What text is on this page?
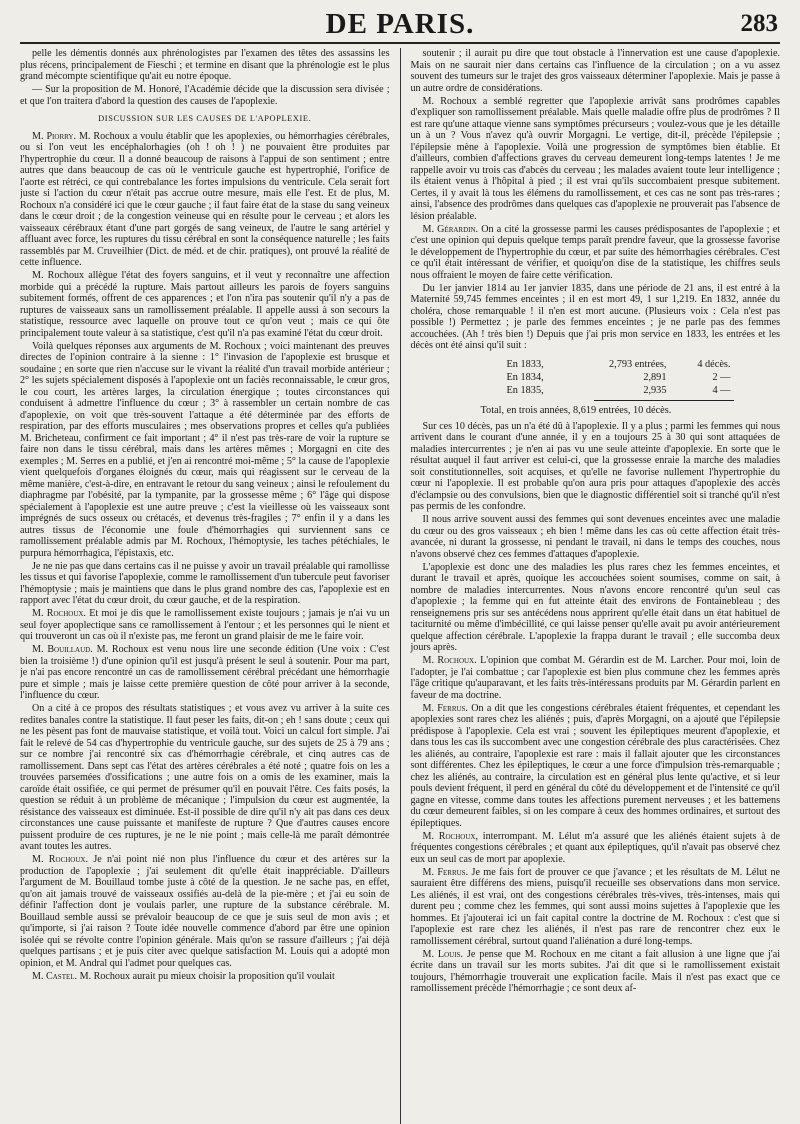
DE PARIS.	283

pelle les démentis donnés aux phrénologistes par l'examen des têtes des assassins les plus récens, principalement de Fieschi ; et termine en disant que la phrénologie est le plus grand mécompte scientifique qu'ait eu notre époque.

— Sur la proposition de M. Honoré, l'Académie décide que la discussion sera divisée ; et que l'on traitera d'abord la question des causes de l'apoplexie.

DISCUSSION SUR LES CAUSES DE L'APOPLEXIE.

M. Piorry. M. Rochoux a voulu établir que les apoplexies, ou hémorrhagies cérébrales, ou si l'on veut les encéphalorhagies (oh ! oh ! ) ne pouvaient être produites par l'hypertrophie du cœur. Il a donné beaucoup de raisons à l'appui de son sentiment ; entre autres que dans beaucoup de cas où le ventricule gauche est hypertrophié, l'orifice de l'aorte est rétréci, ce qui contrebalance les fortes impulsions du ventricule. Cela serait fort juste si l'action du cœur n'était pas accrue outre mesure, mais elle l'est. Et de plus, M. Rochoux n'a considéré ici que le cœur gauche ; il faut faire état de la stase du sang veineux dans le cœur droit ; de la congestion veineuse qui en résulte pour le cerveau ; et alors les vaisseaux cérébraux étant d'une part gorgés de sang veineux, de l'autre le sang artériel y affluant avec force, les ruptures du tissu cérébral en sont la conséquence naturelle ; les faits rassemblés par M. Cruveilhier (Dict. de méd. et de chir. pratiques), ont prouvé la réalité de cette influence.

M. Rochoux allègue l'état des foyers sanguins, et il veut y reconnaître une affection morbide qui a précédé la rupture. Mais partout ailleurs les parois de foyers sanguins subitement formés, offrent de ces apparences ; et l'on n'ira pas soutenir qu'il n'y a pas de ruptures de vaisseaux sans un ramollissement préalable. Il appelle aussi à son secours la statistique, ressource avec laquelle on prouve tout ce qu'on veut ; mais ce qui ôte principalement toute valeur à sa statistique, c'est qu'il n'a pas examiné l'état du cœur droit.

Voilà quelques réponses aux arguments de M. Rochoux ; voici maintenant des preuves directes de l'opinion contraire à la sienne : 1° l'invasion de l'apoplexie est brusque et soudaine ; en sorte que rien n'accuse sur le vivant la réalité d'un travail morbide antérieur ; 2° les sujets spécialement disposés à l'apoplexie ont un faciès reconnaissable, le cœur gros, le cou court, les artères larges, la circulation énergique ; toutes circonstances qui conduisent à admettre l'influence du cœur ; 3° à rassembler un certain nombre de cas d'apoplexie, on voit que très-souvent l'attaque a été déterminée par des efforts de respiration, par des efforts musculaires ; mes observations propres et celles qu'a publiées M. Bricheteau, confirment ce fait important ; 4° il n'est pas très-rare de voir la rupture se faire non dans le tissu cérébral, mais dans les artères mêmes ; Morgagni en cite des exemples ; M. Serres en a publié, et j'en ai rencontré moi-même ; 5° la cause de l'apoplexie vient quelquefois d'organes éloignés du cœur, mais qui réagissent sur le cerveau de la même manière, c'est-à-dire, en entravant le retour du sang veineux ; ainsi le refoulement du diaphragme par l'obésité, par la tympanite, par la grossesse même ; 6° l'âge qui dispose spécialement à l'apoplexie est une autre preuve ; c'est la vieillesse où les vaisseaux sont imprégnés de sucs osseux ou crétacés, et devenus très-fragiles ; 7° enfin il y a dans les autres tissus de l'économie une foule d'hémorrhagies qui surviennent sans ce ramollissement préalable admis par M. Rochoux, l'hémoptysie, les taches pétéchiales, le purpura hémorrhagica, l'épistaxis, etc.

Je ne nie pas que dans certains cas il ne puisse y avoir un travail préalable qui ramollisse les tissus et qui favorise l'apoplexie, comme le ramollissement d'un tubercule peut favoriser l'hémoptysie ; mais je maintiens que dans le plus grand nombre des cas, l'apoplexie est en rapport avec l'état du cœur droit, du cœur gauche, et de la respiration.

M. Rochoux. Et moi je dis que le ramollissement existe toujours ; jamais je n'ai vu un seul foyer apoplectique sans ce ramollissement à l'entour ; et les personnes qui le nient et qui trouveront un cas où il n'existe pas, me feront un grand plaisir de me le faire voir.

M. Bouillaud. M. Rochoux est venu nous lire une seconde édition (Une voix : C'est bien la troisième !) d'une opinion qu'il est jusqu'à présent le seul à soutenir. Pour ma part, je n'ai pas encore rencontré un cas de ramollissement cérébral précédant une hémorrhagie pure et simple ; mais je laisse cette première question de côté pour arriver à la seconde, l'influence du cœur.

On a cité à ce propos des résultats statistiques ; et vous avez vu arriver à la suite ces redites banales contre la statistique. Il faut peser les faits, dit-on ; eh ! sans doute ; ceux qui ne les pèsent pas font de mauvaise statistique, et voilà tout. Voici un calcul fort simple. J'ai fait le relevé de 54 cas d'hypertrophie du ventricule gauche, sur des sujets de 25 à 79 ans ; sur ce nombre j'ai rencontré six cas d'hémorrhagie cérébrale, et cinq autres cas de ramollissement. Dans sept cas l'état des artères cérébrales a été noté ; quatre fois on les a trouvées parsemées d'ossifications ; une autre fois on a omis de les examiner, mais la caroïde était ossifiée, ce qui permet de présumer qu'il en pouvait l'être. Ces faits posés, la question se réduit à un problème de mécanique ; l'impulsion du cœur est augmentée, la résistance des vaisseaux est diminuée. Est-il possible de dire qu'il n'y ait pas dans ces deux circonstances une cause puissante et manifeste de rupture ? Que d'autres causes encore puissent produire de ces ruptures, je ne le nie point ; mais celle-là me paraît démontrée avant toutes les autres.

M. Rochoux. Je n'ai point nié non plus l'influence du cœur et des artères sur la production de l'apoplexie ; j'ai seulement dit qu'elle était inappréciable. D'ailleurs l'argument de M. Bouillaud tombe juste à côté de la question. Je ne sache pas, en effet, qu'on ait jamais trouvé de vaisseaux ossifiés au-delà de la pie-mère ; et j'ai eu soin de définir l'affection dont je voulais parler, une rupture de la substance cérébrale. M. Bouillaud semble aussi se prévaloir beaucoup de ce que je suis seul de mon avis ; et qu'importe, si j'ai raison ? Toute idée nouvelle commence d'abord par être une opinion isolée qui se révolte contre l'opinion générale. Mais qu'on se rassure d'ailleurs ; j'ai déjà quelques partisans ; et je puis citer avec quelque satisfaction M. Louis qui a adopté mon opinion, et M. Andral qui l'admet pour quelques cas.

M. Castel. M. Rochoux aurait pu mieux choisir la proposition qu'il voulait

soutenir ; il aurait pu dire que tout obstacle à l'innervation est une cause d'apoplexie. Mais on ne saurait nier dans certains cas l'influence de la circulation ; on a vu assez souvent des tumeurs sur le trajet des gros vaisseaux déterminer l'apoplexie. Mais je passe à un autre ordre de considérations.

M. Rochoux a semblé regretter que l'apoplexie arrivât sans prodrômes capables d'expliquer son ramollissement préalable. Mais quelle maladie offre plus de prodrômes ? Il est rare qu'une attaque vienne sans symptômes précurseurs ; voulez-vous que je les détaille un à un ? Vous n'avez qu'à ouvrir Morgagni. Le vertige, dit-il, précède l'épilepsie ; l'épilepsie mène à l'apoplexie. Voilà une progression de symptômes bien établie. Et d'ailleurs, combien d'affections graves du cerveau demeurent long-temps latentes ! Je me rappelle avoir vu trois cas d'abcès du cerveau ; les malades avaient toute leur intelligence ; ils étaient venus à l'hôpital à pied ; il est vrai qu'ils succombaient presque subitement. Certes, il y avait là tous les élémens du ramollissement, et ces cas ne sont pas très-rares ; ainsi, l'absence des prodrômes dans quelques cas d'apoplexie ne prouverait pas l'absence de lésion préalable.

M. Gérardin. On a cité la grossesse parmi les causes prédisposantes de l'apoplexie ; et c'est une opinion qui depuis quelque temps paraît prendre faveur, que la grossesse favorise le développement de l'hypertrophie du cœur, et par suite des hémorrhagies cérébrales. C'est ce qu'il était intéressant de vérifier, et quoiqu'on dise de la statistique, les chiffres seuls nous offraient le moyen de faire cette vérification.

Du 1er janvier 1814 au 1er janvier 1835, dans une période de 21 ans, il est entré à la Maternité 59,745 femmes enceintes ; il en est mort 49, 1 sur 1,219. En 1832, année du choléra, chose remarquable ! il n'en est mort aucune. (Plusieurs voix : Cela n'est pas possible !) Permettez ; je parle des femmes enceintes ; je ne parle pas des femmes accouchées. (Ah ! très bien !) Depuis que j'ai pris mon service en 1833, les entrées et les décès ont été ainsi qu'il suit :

En 1833,	2,793 entrées,	4 décès.
En 1834,	2,891	2 —
En 1835,	2,935	4 —
Total, en trois années, 8,619 entrées, 10 décès.

Sur ces 10 décès, pas un n'a été dû à l'apoplexie. Il y a plus ; parmi les femmes qui nous arrivent dans le courant d'une année, il y en a toujours 25 à 30 qui sont attaquées de maladies intercurrentes ; je n'en ai pas vu une seule atteinte d'apoplexie. En sorte que le résultat auquel il faut arriver est celui-ci, que la grossesse enraie la marche des maladies soit constitutionnelles, soit acquises, et qu'elle ne favorise nullement l'hypertrophie du cœur ni l'apoplexie. Il est probable qu'on aura pris pour attaques d'apoplexie des accès d'éclampsie ou des convulsions, bien que le diagnostic différentiel soit si tranché qu'il n'est pas permis de les confondre.

Il nous arrive souvent aussi des femmes qui sont devenues enceintes avec une maladie du cœur ou des gros vaisseaux ; eh bien ! même dans les cas où cette affection était très-avancée, ni durant la grossesse, ni pendant le travail, ni dans le temps des couches, nous n'avons observé chez ces femmes d'attaques d'apoplexie.

L'apoplexie est donc une des maladies les plus rares chez les femmes enceintes, et durant le travail et après, quoique les accouchées soient soumises, comme on sait, à nombre de maladies intercurrentes. Nous n'avons encore rencontré qu'un seul cas d'apoplexie ; la femme qui en fut atteinte était des environs de Fontainebleau ; des renseignemens pris sur ses antécédens nous apprirent qu'elle était dans un état habituel de taciturnité ou même d'imbécillité, ce qui laisse penser qu'elle avait pu avoir antérieurement quelque affection cérébrale. L'apoplexie la frappa durant le travail ; elle succomba deux jours après.

M. Rochoux. L'opinion que combat M. Gérardin est de M. Larcher. Pour moi, loin de l'adopter, je l'ai combattue ; car l'apoplexie est bien plus commune chez les femmes après l'âge critique qu'auparavant, et les faits très-intéressans produits par M. Gérardin parlent en faveur de ma doctrine.

M. Ferrus. On a dit que les congestions cérébrales étaient fréquentes, et cependant les apoplexies sont rares chez les aliénés ; puis, d'après Morgagni, on a ajouté que l'épilepsie prédispose à l'apoplexie. Cela est vrai ; souvent les épileptiques meurent d'apoplexie, et dans tous les cas ils succombent avec une congestion cérébrale des plus caractérisées. Chez les aliénés, au contraire, l'apoplexie est rare : mais il fallait ajouter que les circonstances sont différentes. Chez les épileptiques, le cœur a une force d'impulsion très-remarquable ; chez les aliénés, au contraire, la circulation est en général plus lente qu'active, et si leur pouls devient fréquent, il perd en général du côté du développement et de l'intensité ce qu'il gagne en vitesse, comme dans toutes les affections purement nerveuses ; et les battemens du cœur demeurent faibles, si on les compare à ceux des hommes ordinaires, et surtout des épileptiques.

M. Rochoux, interrompant. M. Lélut m'a assuré que les aliénés étaient sujets à de fréquentes congestions cérébrales ; et quant aux épileptiques, qu'il n'avait pas observé chez eux un seul cas de mort par apoplexie.

M. Ferrus. Je me fais fort de prouver ce que j'avance ; et les résultats de M. Lélut ne sauraient être différens des miens, puisqu'il recueille ses observations dans mon service. Les aliénés, il est vrai, ont des congestions cérébrales très-vives, très-intenses, mais qui durent peu ; comme chez les femmes, qui sont aussi moins sujettes à l'apoplexie que les hommes. Et j'ajouterai ici un fait capital contre la doctrine de M. Rochoux : c'est que si l'apoplexie est rare chez les aliénés, il n'est pas rare de rencontrer chez eux le ramollissement cérébral, surtout quand l'aliénation a duré long-temps.

M. Louis. Je pense que M. Rochoux en me citant a fait allusion à une ligne que j'ai écrite dans un travail sur les morts subites. J'ai dit que si le ramollissement existait toujours, l'hémorrhagie trouverait une explication facile. Mais il n'est pas exact que ce ramollissement précède l'hémorrhagie ; ce sont deux af-
